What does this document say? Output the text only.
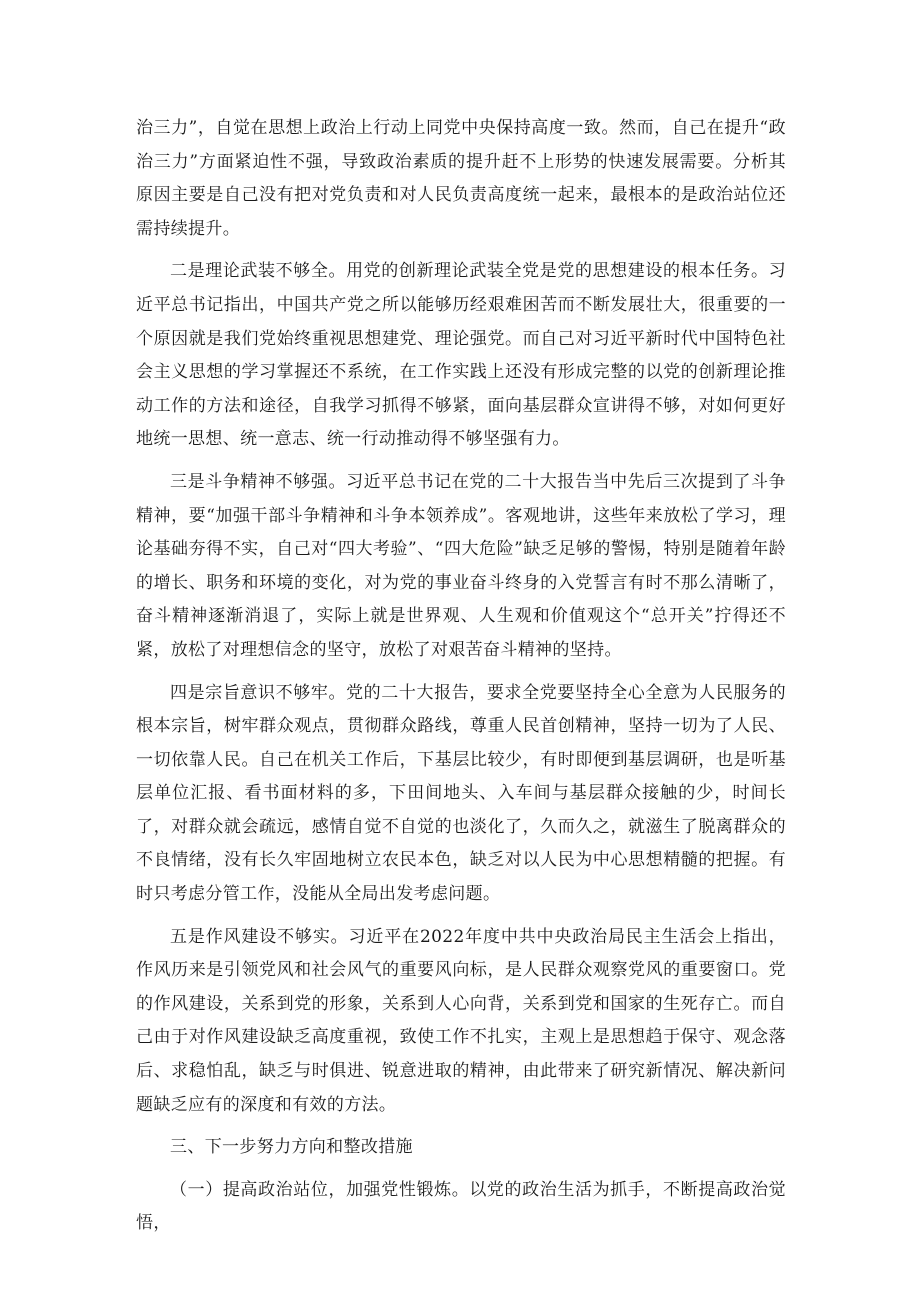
治三力”，自觉在思想上政治上行动上同党中央保持高度一致。然而，自己在提升“政治三力”方面紧迫性不强，导致政治素质的提升赶不上形势的快速发展需要。分析其原因主要是自己没有把对党负责和对人民负责高度统一起来，最根本的是政治站位还需持续提升。

二是理论武装不够全。用党的创新理论武装全党是党的思想建设的根本任务。习近平总书记指出，中国共产党之所以能够历经艰难困苦而不断发展壮大，很重要的一个原因就是我们党始终重视思想建党、理论强党。而自己对习近平新时代中国特色社会主义思想的学习掌握还不系统，在工作实践上还没有形成完整的以党的创新理论推动工作的方法和途径，自我学习抓得不够紧，面向基层群众宣讲得不够，对如何更好地统一思想、统一意志、统一行动推动得不够坚强有力。

三是斗争精神不够强。习近平总书记在党的二十大报告当中先后三次提到了斗争精神，要“加强干部斗争精神和斗争本领养成”。客观地讲，这些年来放松了学习，理论基础夯得不实，自己对“四大考验”、“四大危险”缺乏足够的警惕，特别是随着年龄的增长、职务和环境的变化，对为党的事业奋斗终身的入党誓言有时不那么清晰了，奋斗精神逐渐消退了，实际上就是世界观、人生观和价值观这个“总开关”拧得还不紧，放松了对理想信念的坚守，放松了对艰苦奋斗精神的坚持。

四是宗旨意识不够牢。党的二十大报告，要求全党要坚持全心全意为人民服务的根本宗旨，树牢群众观点，贯彻群众路线，尊重人民首创精神，坚持一切为了人民、一切依靠人民。自己在机关工作后，下基层比较少，有时即便到基层调研，也是听基层单位汇报、看书面材料的多，下田间地头、入车间与基层群众接触的少，时间长了，对群众就会疏远，感情自觉不自觉的也淡化了，久而久之，就滋生了脱离群众的不良情绪，没有长久牢固地树立农民本色，缺乏对以人民为中心思想精髓的把握。有时只考虑分管工作，没能从全局出发考虑问题。

五是作风建设不够实。习近平在2022年度中共中央政治局民主生活会上指出，作风历来是引领党风和社会风气的重要风向标，是人民群众观察党风的重要窗口。党的作风建设，关系到党的形象，关系到人心向背，关系到党和国家的生死存亡。而自己由于对作风建设缺乏高度重视，致使工作不扎实，主观上是思想趋于保守、观念落后、求稳怕乱，缺乏与时俱进、锐意进取的精神，由此带来了研究新情况、解决新问题缺乏应有的深度和有效的方法。

三、下一步努力方向和整改措施

（一）提高政治站位，加强党性锻炼。以党的政治生活为抓手，不断提高政治觉悟，
